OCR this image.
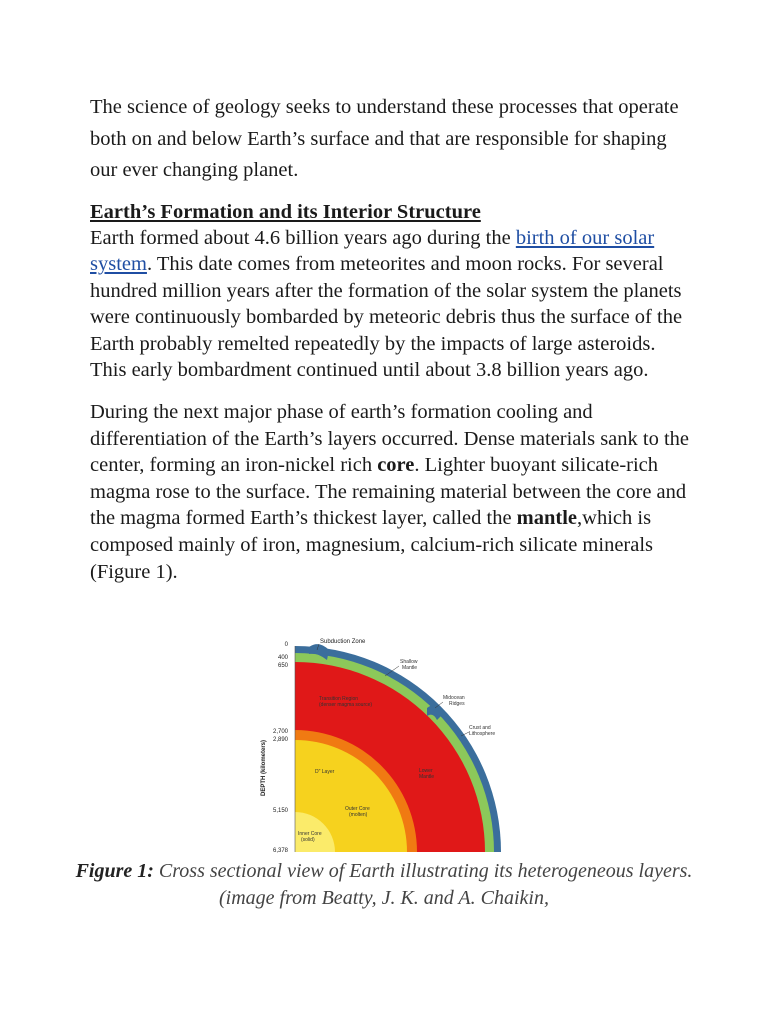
The science of geology seeks to understand these processes that operate both on and below Earth’s surface and that are responsible for shaping our ever changing planet.

Earth’s Formation and its Interior Structure

Earth formed about 4.6 billion years ago during the birth of our solar system. This date comes from meteorites and moon rocks. For several hundred million years after the formation of the solar system the planets were continuously bombarded by meteoric debris thus the surface of the Earth probably remelted repeatedly by the impacts of large asteroids. This early bombardment continued until about 3.8 billion years ago.

During the next major phase of earth’s formation cooling and differentiation of the Earth’s layers occurred. Dense materials sank to the center, forming an iron-nickel rich core. Lighter buoyant silicate-rich magma rose to the surface. The remaining material between the core and the magma formed Earth’s thickest layer, called the mantle,which is composed mainly of iron, magnesium, calcium-rich silicate minerals (Figure 1).

0
400
650
2,700
2,890
5,150
6,378
DEPTH (kilometers)
Subduction Zone
Shallow
Mantle
Midocean
Ridges
Crust and
Lithosphere
Transition Region
(denser magma source)
D" Layer	Lower
Mantle
Outer Core
(molten)
Inner Core
(solid)
Figure 1: Cross sectional view of Earth illustrating its heterogeneous layers. (image from Beatty, J. K. and A. Chaikin,
